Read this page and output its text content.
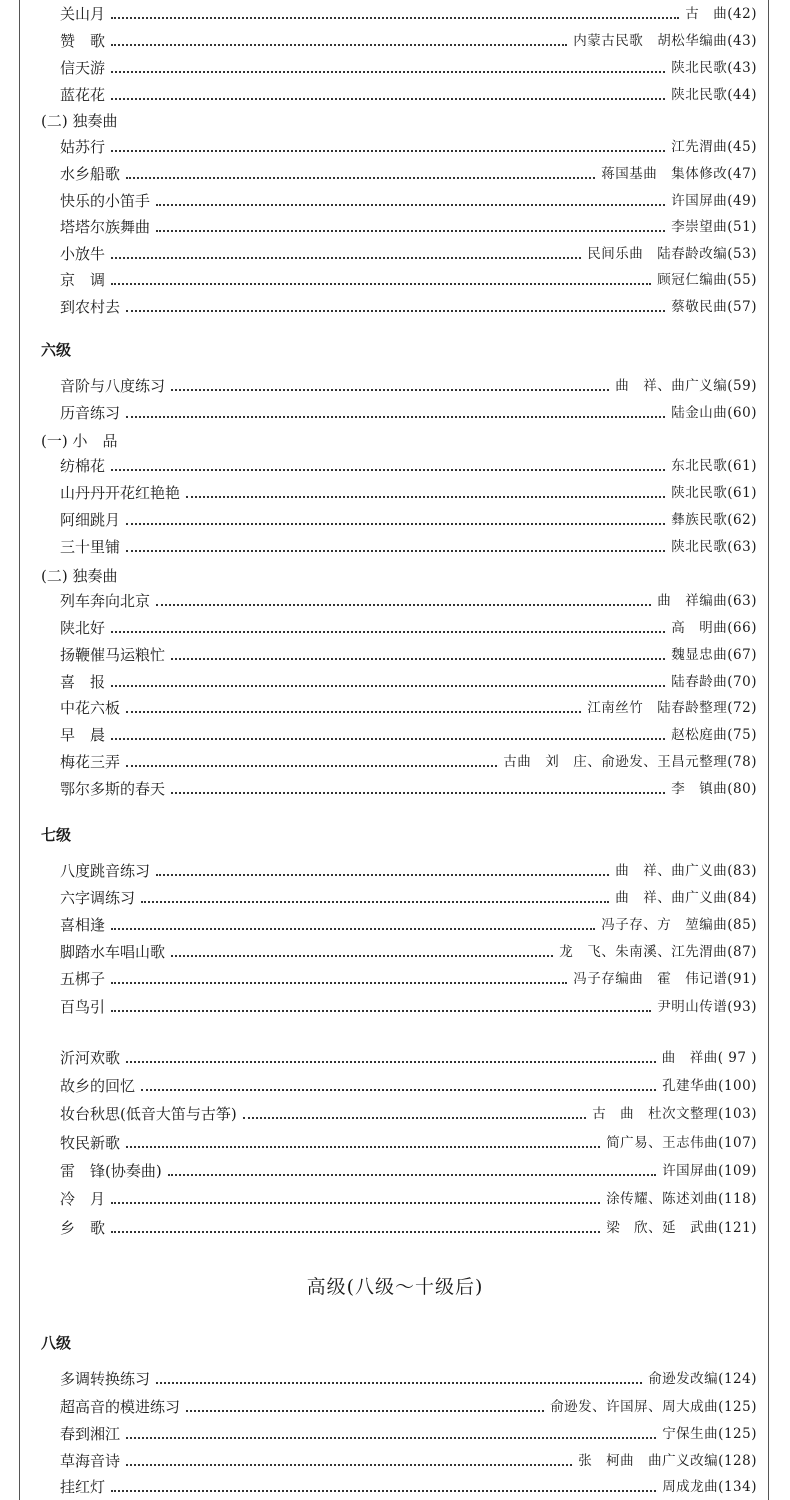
关山月	古　曲(42)
赞　歌	内蒙古民歌　胡松华编曲(43)
信天游	陕北民歌(43)
蓝花花	陕北民歌(44)
(二) 独奏曲
姑苏行	江先渭曲(45)
水乡船歌	蒋国基曲　集体修改(47)
快乐的小笛手	许国屏曲(49)
塔塔尔族舞曲	李崇望曲(51)
小放牛	民间乐曲　陆春龄改编(53)
京　调	顾冠仁编曲(55)
到农村去	蔡敬民曲(57)
六级
音阶与八度练习	曲　祥、曲广义编(59)
历音练习	陆金山曲(60)
(一) 小　品
纺棉花	东北民歌(61)
山丹丹开花红艳艳	陕北民歌(61)
阿细跳月	彝族民歌(62)
三十里铺	陕北民歌(63)
(二) 独奏曲
列车奔向北京	曲　祥编曲(63)
陕北好	高　明曲(66)
扬鞭催马运粮忙	魏显忠曲(67)
喜　报	陆春龄曲(70)
中花六板	江南丝竹　陆春龄整理(72)
早　晨	赵松庭曲(75)
梅花三弄	古曲　刘　庄、俞逊发、王昌元整理(78)
鄂尔多斯的春天	李　镇曲(80)
七级
八度跳音练习	曲　祥、曲广义曲(83)
六字调练习	曲　祥、曲广义曲(84)
喜相逢	冯子存、方　堃编曲(85)
脚踏水车唱山歌	龙　飞、朱南溪、江先渭曲(87)
五梆子	冯子存编曲　霍　伟记谱(91)
百鸟引	尹明山传谱(93)
沂河欢歌	曲　祥曲( 97 )
故乡的回忆	孔建华曲(100)
妆台秋思(低音大笛与古筝)	古　曲　杜次文整理(103)
牧民新歌	简广易、王志伟曲(107)
雷　锋(协奏曲)	许国屏曲(109)
冷　月	涂传耀、陈述刘曲(118)
乡　歌	梁　欣、延　武曲(121)
高级(八级～十级后)
八级
多调转换练习	俞逊发改编(124)
超高音的模进练习	俞逊发、许国屏、周大成曲(125)
春到湘江	宁保生曲(125)
草海音诗	张　柯曲　曲广义改编(128)
挂红灯	周成龙曲(134)
